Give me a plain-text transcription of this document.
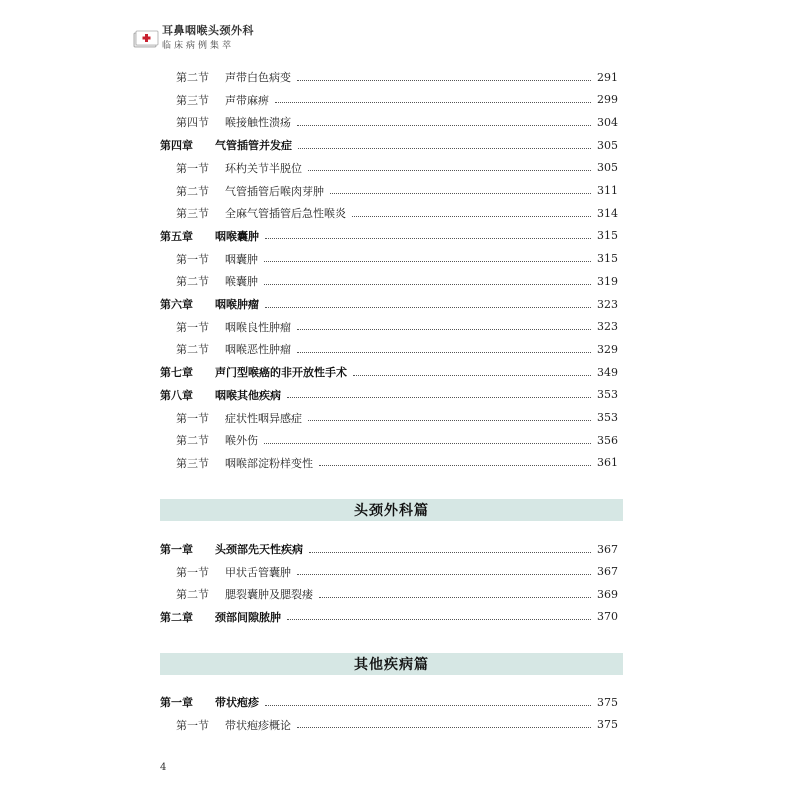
耳鼻咽喉头颈外科
临床病例集萃
第二节 声带白色病变	291
第三节 声带麻痹	299
第四节 喉接触性溃疡	304
第四章 气管插管并发症	305
第一节 环杓关节半脱位	305
第二节 气管插管后喉肉芽肿	311
第三节 全麻气管插管后急性喉炎	314
第五章 咽喉囊肿	315
第一节 咽囊肿	315
第二节 喉囊肿	319
第六章 咽喉肿瘤	323
第一节 咽喉良性肿瘤	323
第二节 咽喉恶性肿瘤	329
第七章 声门型喉癌的非开放性手术	349
第八章 咽喉其他疾病	353
第一节 症状性咽异感症	353
第二节 喉外伤	356
第三节 咽喉部淀粉样变性	361
第一章 头颈部先天性疾病	367
第一节 甲状舌管囊肿	367
第二节 腮裂囊肿及腮裂瘘	369
第二章 颈部间隙脓肿	370
第一章 带状疱疹	375
第一节 带状疱疹概论	375
头颈外科篇
其他疾病篇
4
